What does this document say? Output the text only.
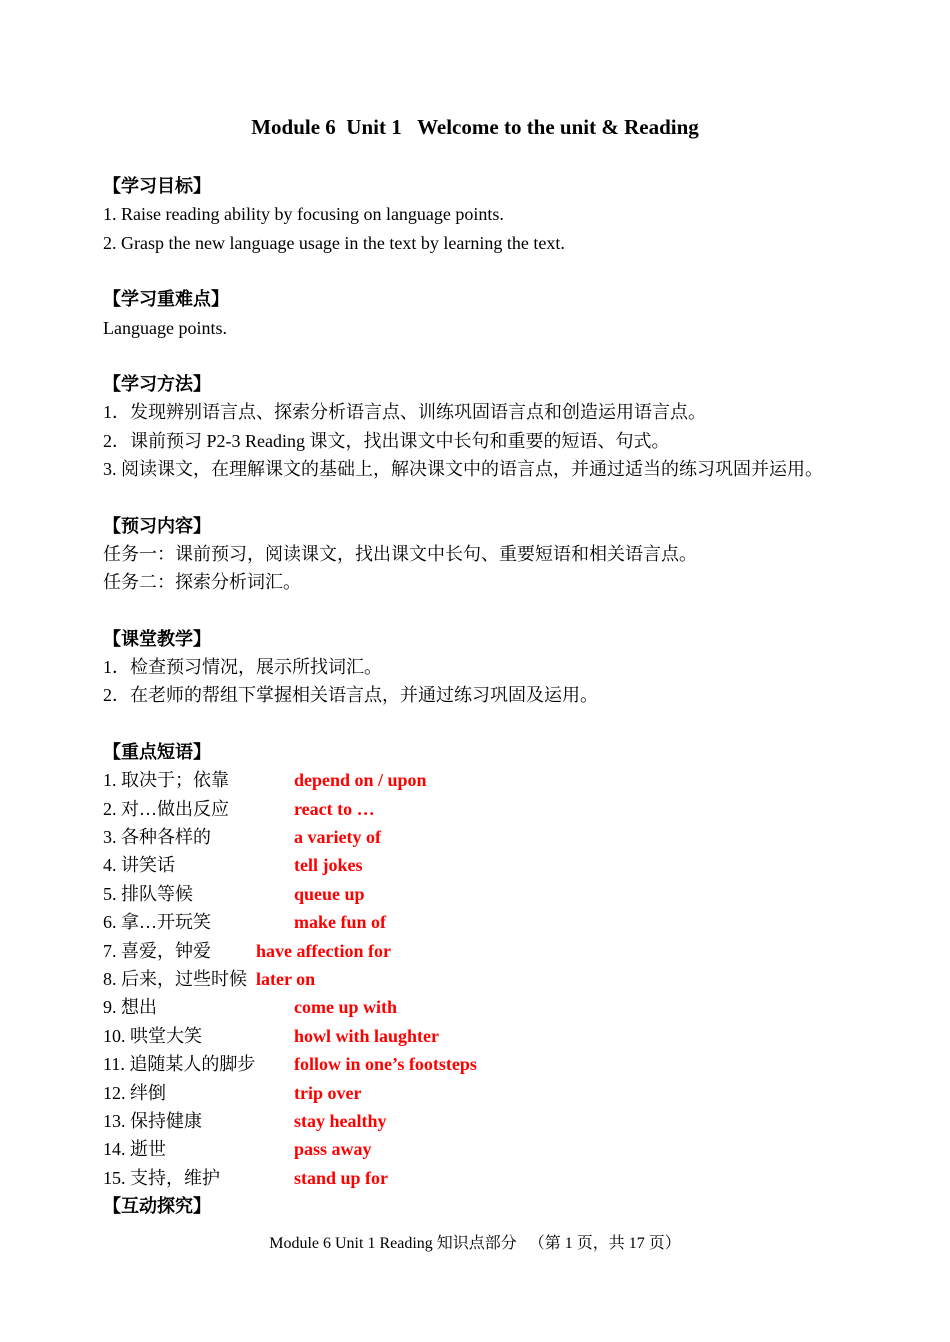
Module 6  Unit 1   Welcome to the unit & Reading
【学习目标】
1. Raise reading ability by focusing on language points.
2. Grasp the new language usage in the text by learning the text.
【学习重难点】
Language points.
【学习方法】
1．发现辨别语言点、探索分析语言点、训练巩固语言点和创造运用语言点。
2．课前预习 P2-3 Reading 课文，找出课文中长句和重要的短语、句式。
3. 阅读课文，在理解课文的基础上，解决课文中的语言点，并通过适当的练习巩固并运用。
【预习内容】
任务一：课前预习，阅读课文，找出课文中长句、重要短语和相关语言点。
任务二：探索分析词汇。
【课堂教学】
1．检查预习情况，展示所找词汇。
2．在老师的帮组下掌握相关语言点，并通过练习巩固及运用。
【重点短语】
1. 取决于；依靠	depend on / upon
2. 对…做出反应	react to …
3. 各种各样的	a variety of
4. 讲笑话	tell jokes
5. 排队等候	queue up
6. 拿…开玩笑	make fun of
7. 喜爱，钟爱	have affection for
8. 后来，过些时候 later on
9. 想出	come up with
10. 哄堂大笑	howl with laughter
11. 追随某人的脚步 follow in one’s footsteps
12. 绊倒	trip over
13. 保持健康	stay healthy
14. 逝世	pass away
15. 支持，维护	stand up for
【互动探究】
Module 6 Unit 1 Reading 知识点部分   （第 1 页，共 17 页）
